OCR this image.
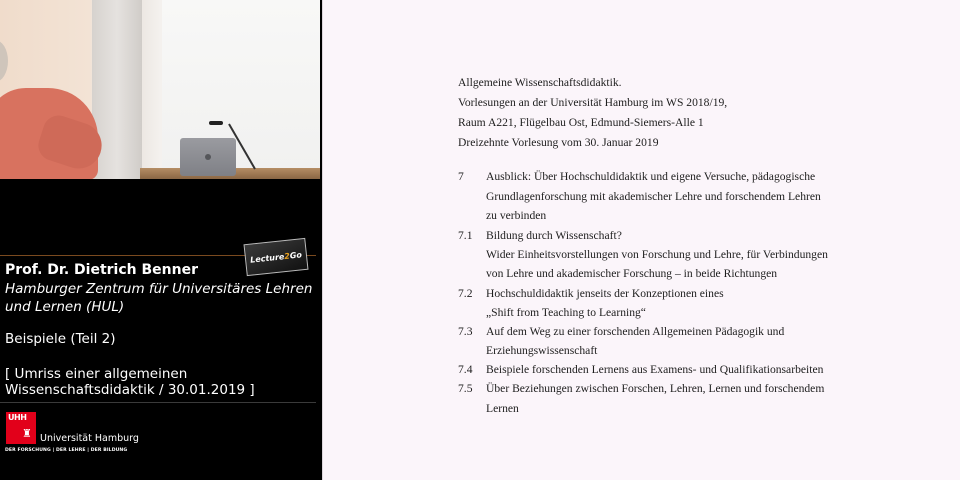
Lecture 2 Go
Prof. Dr. Dietrich Benner
Hamburger Zentrum für Universitäres Lehren und Lernen (HUL)
Beispiele (Teil 2)
[ Umriss einer allgemeinen Wissenschaftsdidaktik / 30.01.2019 ]
UHH
♜ Universität Hamburg
DER FORSCHUNG | DER LEHRE | DER BILDUNG
Allgemeine Wissenschaftsdidaktik.
Vorlesungen an der Universität Hamburg im WS 2018/19,
Raum A221, Flügelbau Ost, Edmund-Siemers-Alle 1
Dreizehnte Vorlesung vom 30. Januar 2019
7 Ausblick: Über Hochschuldidaktik und eigene Versuche, pädagogische
Grundlagenforschung mit akademischer Lehre und forschendem Lehren
zu verbinden
7.1 Bildung durch Wissenschaft?
Wider Einheitsvorstellungen von Forschung und Lehre, für Verbindungen
von Lehre und akademischer Forschung – in beide Richtungen
7.2 Hochschuldidaktik jenseits der Konzeptionen eines
„Shift from Teaching to Learning“
7.3 Auf dem Weg zu einer forschenden Allgemeinen Pädagogik und
Erziehungswissenschaft
7.4 Beispiele forschenden Lernens aus Examens- und Qualifikationsarbeiten
7.5 Über Beziehungen zwischen Forschen, Lehren, Lernen und forschendem
Lernen
